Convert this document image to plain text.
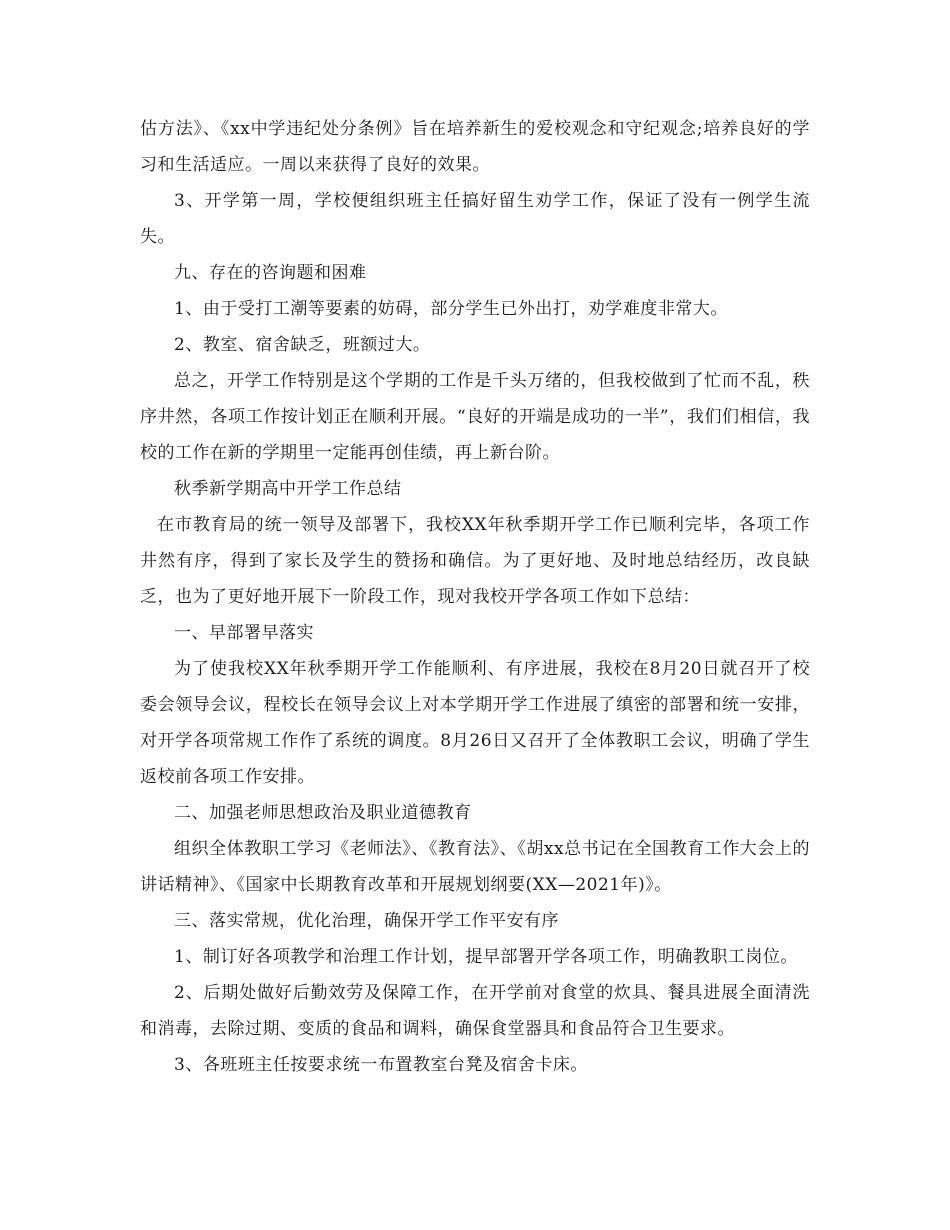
估方法》、《xx中学违纪处分条例》旨在培养新生的爱校观念和守纪观念;培养良好的学习和生活适应。一周以来获得了良好的效果。

3、开学第一周，学校便组织班主任搞好留生劝学工作，保证了没有一例学生流失。

九、存在的咨询题和困难

1、由于受打工潮等要素的妨碍，部分学生已外出打，劝学难度非常大。

2、教室、宿舍缺乏，班额过大。

总之，开学工作特别是这个学期的工作是千头万绪的，但我校做到了忙而不乱，秩序井然，各项工作按计划正在顺利开展。“良好的开端是成功的一半”，我们们相信，我校的工作在新的学期里一定能再创佳绩，再上新台阶。

秋季新学期高中开学工作总结

在市教育局的统一领导及部署下，我校XX年秋季期开学工作已顺利完毕，各项工作井然有序，得到了家长及学生的赞扬和确信。为了更好地、及时地总结经历，改良缺乏，也为了更好地开展下一阶段工作，现对我校开学各项工作如下总结：

一、早部署早落实

为了使我校XX年秋季期开学工作能顺利、有序进展，我校在8月20日就召开了校委会领导会议，程校长在领导会议上对本学期开学工作进展了缜密的部署和统一安排，对开学各项常规工作作了系统的调度。8月26日又召开了全体教职工会议，明确了学生返校前各项工作安排。

二、加强老师思想政治及职业道德教育

组织全体教职工学习《老师法》、《教育法》、《胡xx总书记在全国教育工作大会上的讲话精神》、《国家中长期教育改革和开展规划纲要(XX—2021年)》。

三、落实常规，优化治理，确保开学工作平安有序

1、制订好各项教学和治理工作计划，提早部署开学各项工作，明确教职工岗位。

2、后期处做好后勤效劳及保障工作，在开学前对食堂的炊具、餐具进展全面清洗和消毒，去除过期、变质的食品和调料，确保食堂器具和食品符合卫生要求。

3、各班班主任按要求统一布置教室台凳及宿舍卡床。
